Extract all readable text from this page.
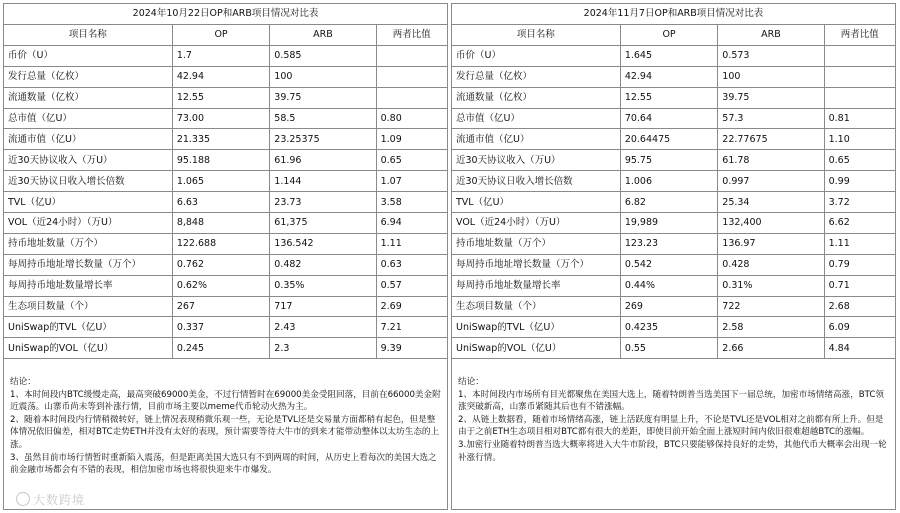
2024年10月22日OP和ARB项目情况对比表
项目名称	OP	ARB	两者比值
币价（U）	1.7	0.585	
发行总量（亿枚）	42.94	100	
流通数量（亿枚）	12.55	39.75	
总市值（亿U）	73.00	58.5	0.80
流通市值（亿U）	21.335	23.25375	1.09
近30天协议收入（万U）	95.188	61.96	0.65
近30天协议日收入增长倍数	1.065	1.144	1.07
TVL（亿U）	6.63	23.73	3.58
VOL（近24小时）（万U）	8,848	61,375	6.94
持币地址数量（万个）	122.688	136.542	1.11
每周持币地址增长数量（万个）	0.762	0.482	0.63
每周持币地址数量增长率	0.62%	0.35%	0.57
生态项目数量（个）	267	717	2.69
UniSwap的TVL（亿U）	0.337	2.43	7.21
UniSwap的VOL（亿U）	0.245	2.3	9.39

结论：

1、本时间段内BTC缓慢走高，最高突破69000美金，不过行情暂时在69000美金受阻回落，目前在66000美金附近震荡。山寨币尚未等到补涨行情，目前市场主要以meme代币轮动火热为主。

2、随着本时间段内行情稍微转好，链上情况表现稍微乐观一些，无论是TVL还是交易量方面都稍有起色，但是整体情况依旧偏差，相对BTC走势ETH并没有太好的表现，预计需要等待大牛市的到来才能带动整体以太坊生态的上涨。

3、虽然目前市场行情暂时重新陷入震荡，但是距离美国大选只有不到两周的时间，从历史上看每次的美国大选之前金融市场都会有不错的表现，相信加密市场也将很快迎来牛市爆发。

大数跨境
2024年11月7日OP和ARB项目情况对比表
项目名称	OP	ARB	两者比值
币价（U）	1.645	0.573	
发行总量（亿枚）	42.94	100	
流通数量（亿枚）	12.55	39.75	
总市值（亿U）	70.64	57.3	0.81
流通市值（亿U）	20.64475	22.77675	1.10
近30天协议收入（万U）	95.75	61.78	0.65
近30天协议日收入增长倍数	1.006	0.997	0.99
TVL（亿U）	6.82	25.34	3.72
VOL（近24小时）（万U）	19,989	132,400	6.62
持币地址数量（万个）	123.23	136.97	1.11
每周持币地址增长数量（万个）	0.542	0.428	0.79
每周持币地址数量增长率	0.44%	0.31%	0.71
生态项目数量（个）	269	722	2.68
UniSwap的TVL（亿U）	0.4235	2.58	6.09
UniSwap的VOL（亿U）	0.55	2.66	4.84

结论：

1、本时间段内市场所有目光都聚焦在美国大选上，随着特朗普当选美国下一届总统，加密市场情绪高涨，BTC领涨突破新高，山寨币紧随其后也有不错涨幅。

2、从链上数据看，随着市场情绪高涨，链上活跃度有明显上升，不论是TVL还是VOL相对之前都有所上升。但是由于之前ETH生态项目相对BTC都有很大的差距，即使目前开始全面上涨短时间内依旧很难超越BTC的涨幅。

3.加密行业随着特朗普当选大概率将进入大牛市阶段，BTC只要能够保持良好的走势，其他代币大概率会出现一轮补涨行情。
